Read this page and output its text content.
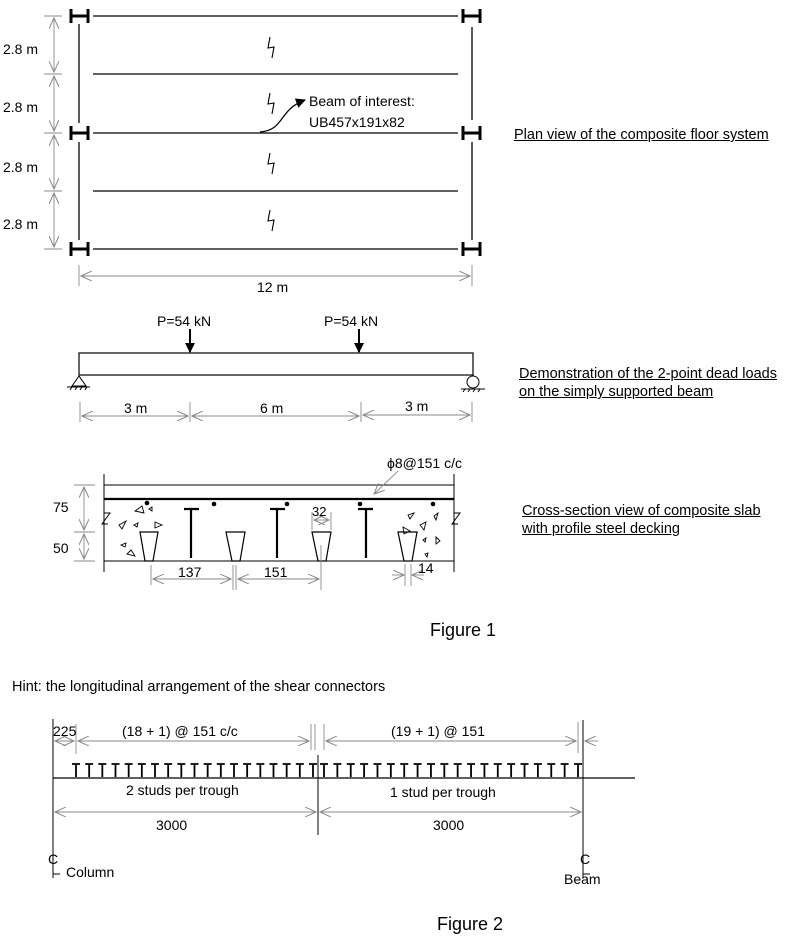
2.8 m
2.8 m
2.8 m
2.8 m
12 m
Beam of interest:
UB457x191x82
P=54 kN	P=54 kN
3 m	6 m	3 m
ϕ8@151 c/c
75
50
32
137	151	14
225	(18 + 1) @ 151 c/c	(19 + 1) @ 151
2 studs per trough	1 stud per trough
3000	3000
C	C
Column	Beam
Plan view of the composite floor system
Demonstration of the 2-point dead loads
on the simply supported beam
Cross-section view of composite slab
with profile steel decking
Figure 1
Hint: the longitudinal arrangement of the shear connectors
Figure 2
